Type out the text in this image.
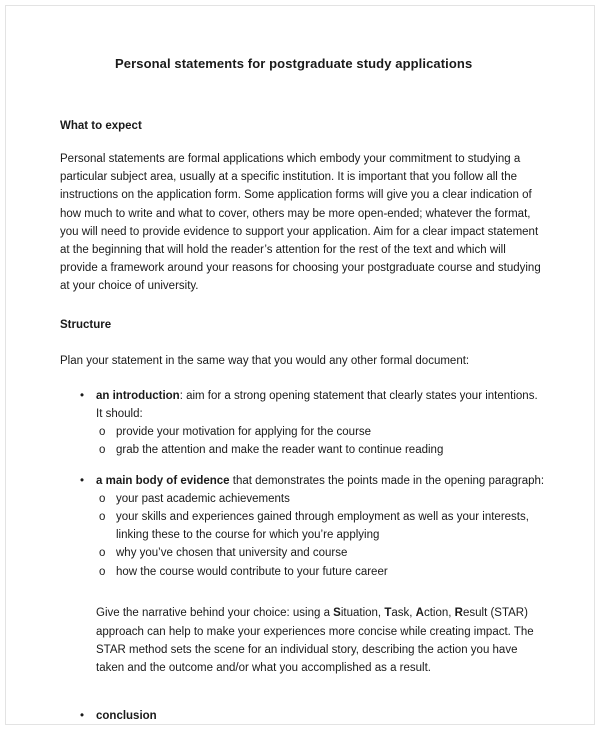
Personal statements for postgraduate study applications
What to expect

Personal statements are formal applications which embody your commitment to studying a particular subject area, usually at a specific institution. It is important that you follow all the instructions on the application form. Some application forms will give you a clear indication of how much to write and what to cover, others may be more open-ended; whatever the format, you will need to provide evidence to support your application. Aim for a clear impact statement at the beginning that will hold the reader’s attention for the rest of the text and which will provide a framework around your reasons for choosing your postgraduate course and studying at your choice of university.

Structure

Plan your statement in the same way that you would any other formal document:

• an introduction: aim for a strong opening statement that clearly states your intentions. It should:
o provide your motivation for applying for the course
o grab the attention and make the reader want to continue reading
• a main body of evidence that demonstrates the points made in the opening paragraph:
o your past academic achievements
o your skills and experiences gained through employment as well as your interests, linking these to the course for which you’re applying
o why you’ve chosen that university and course
o how the course would contribute to your future career

Give the narrative behind your choice: using a Situation, Task, Action, Result (STAR) approach can help to make your experiences more concise while creating impact. The STAR method sets the scene for an individual story, describing the action you have taken and the outcome and/or what you accomplished as a result.

• conclusion
